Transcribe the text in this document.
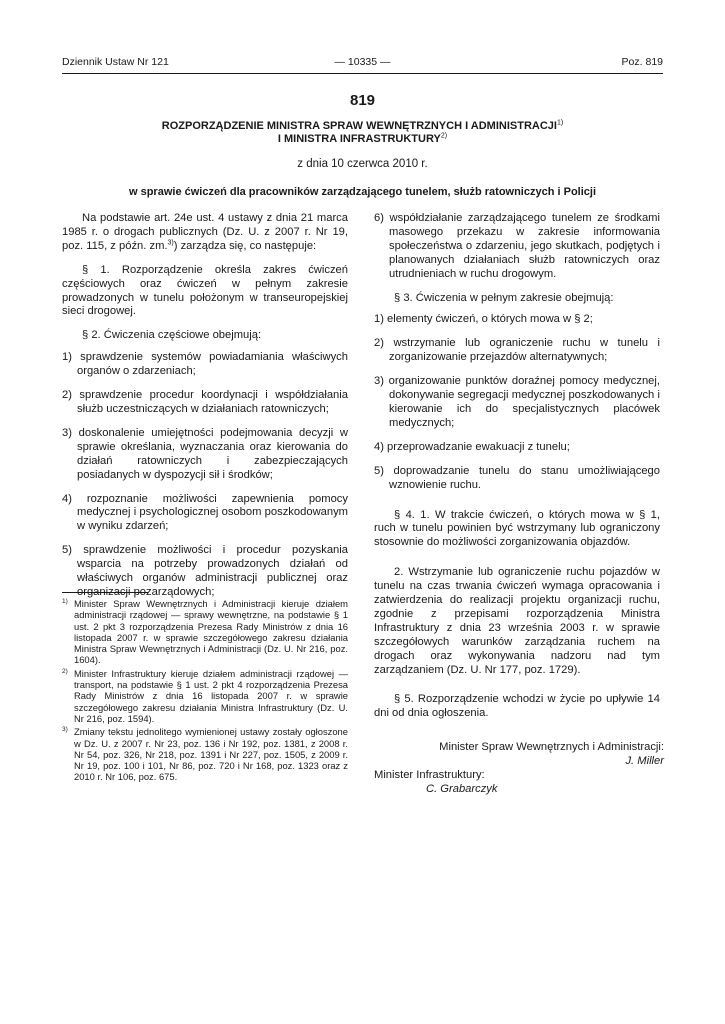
Dziennik Ustaw Nr 121	— 10335 —	Poz. 819
819
ROZPORZĄDZENIE MINISTRA SPRAW WEWNĘTRZNYCH I ADMINISTRACJI$^{1)}$
I MINISTRA INFRASTRUKTURY$^{2)}$
z dnia 10 czerwca 2010 r.
w sprawie ćwiczeń dla pracowników zarządzającego tunelem, służb ratowniczych i Policji

Na podstawie art. 24e ust. 4 ustawy z dnia 21 marca 1985 r. o drogach publicznych (Dz. U. z 2007 r. Nr 19, poz. 115, z późn. zm.$^{3)}$) zarządza się, co następuje:

§ 1. Rozporządzenie określa zakres ćwiczeń częściowych oraz ćwiczeń w pełnym zakresie prowadzonych w tunelu położonym w transeuropejskiej sieci drogowej.

§ 2. Ćwiczenia częściowe obejmują:

1) sprawdzenie systemów powiadamiania właściwych organów o zdarzeniach;
2) sprawdzenie procedur koordynacji i współdziałania służb uczestniczących w działaniach ratowniczych;
3) doskonalenie umiejętności podejmowania decyzji w sprawie określania, wyznaczania oraz kierowania do działań ratowniczych i zabezpieczających posiadanych w dyspozycji sił i środków;
4) rozpoznanie możliwości zapewnienia pomocy medycznej i psychologicznej osobom poszkodowanym w wyniku zdarzeń;
5) sprawdzenie możliwości i procedur pozyskania wsparcia na potrzeby prowadzonych działań od właściwych organów administracji publicznej oraz organizacji pozarządowych;
1) Minister Spraw Wewnętrznych i Administracji kieruje działem administracji rządowej — sprawy wewnętrzne, na podstawie § 1 ust. 2 pkt 3 rozporządzenia Prezesa Rady Ministrów z dnia 16 listopada 2007 r. w sprawie szczegółowego zakresu działania Ministra Spraw Wewnętrznych i Administracji (Dz. U. Nr 216, poz. 1604).
2) Minister Infrastruktury kieruje działem administracji rządowej — transport, na podstawie § 1 ust. 2 pkt 4 rozporządzenia Prezesa Rady Ministrów z dnia 16 listopada 2007 r. w sprawie szczegółowego zakresu działania Ministra Infrastruktury (Dz. U. Nr 216, poz. 1594).
3) Zmiany tekstu jednolitego wymienionej ustawy zostały ogłoszone w Dz. U. z 2007 r. Nr 23, poz. 136 i Nr 192, poz. 1381, z 2008 r. Nr 54, poz. 326, Nr 218, poz. 1391 i Nr 227, poz. 1505, z 2009 r. Nr 19, poz. 100 i 101, Nr 86, poz. 720 i Nr 168, poz. 1323 oraz z 2010 r. Nr 106, poz. 675.
6) współdziałanie zarządzającego tunelem ze środkami masowego przekazu w zakresie informowania społeczeństwa o zdarzeniu, jego skutkach, podjętych i planowanych działaniach służb ratowniczych oraz utrudnieniach w ruchu drogowym.

§ 3. Ćwiczenia w pełnym zakresie obejmują:

1) elementy ćwiczeń, o których mowa w § 2;
2) wstrzymanie lub ograniczenie ruchu w tunelu i zorganizowanie przejazdów alternatywnych;
3) organizowanie punktów doraźnej pomocy medycznej, dokonywanie segregacji medycznej poszkodowanych i kierowanie ich do specjalistycznych placówek medycznych;
4) przeprowadzanie ewakuacji z tunelu;
5) doprowadzanie tunelu do stanu umożliwiającego wznowienie ruchu.

§ 4. 1. W trakcie ćwiczeń, o których mowa w § 1, ruch w tunelu powinien być wstrzymany lub ograniczony stosownie do możliwości zorganizowania objazdów.

2. Wstrzymanie lub ograniczenie ruchu pojazdów w tunelu na czas trwania ćwiczeń wymaga opracowania i zatwierdzenia do realizacji projektu organizacji ruchu, zgodnie z przepisami rozporządzenia Ministra Infrastruktury z dnia 23 września 2003 r. w sprawie szczegółowych warunków zarządzania ruchem na drogach oraz wykonywania nadzoru nad tym zarządzaniem (Dz. U. Nr 177, poz. 1729).

§ 5. Rozporządzenie wchodzi w życie po upływie 14 dni od dnia ogłoszenia.

Minister Spraw Wewnętrznych i Administracji:
J. Miller
Minister Infrastruktury:
C. Grabarczyk
